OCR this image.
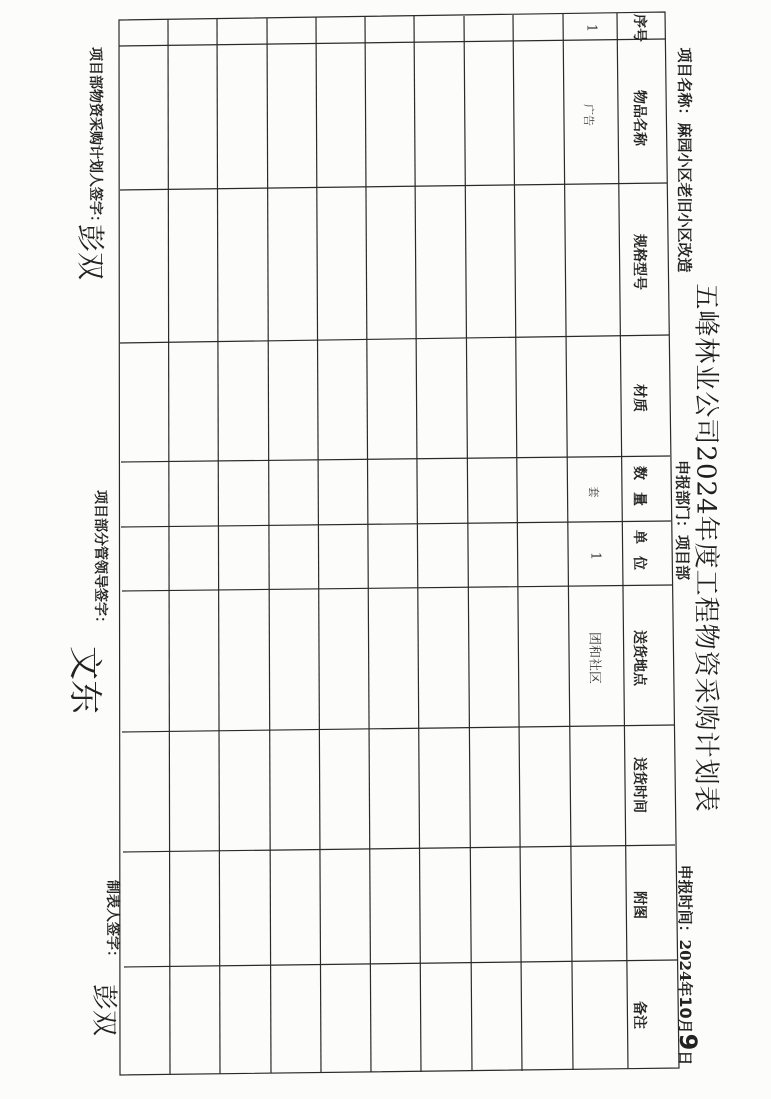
五峰林业公司2024年度工程物资采购计划表
项目名称：麻园小区老旧小区改造
申报部门：项目部
申报时间：2024年10月9日
序号
物品名称
规格型号
材质
数量
单位
送货地点
送货时间
附图
备注
1
广告
套
1
团和社区
项目部物资采购计划人签字：
彭双
项目部分管领导签字：
文东
制表人签字：
彭双
